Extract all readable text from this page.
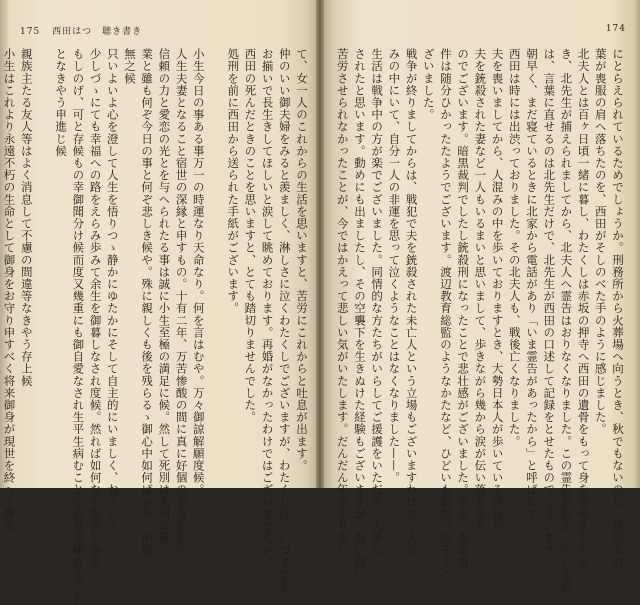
175 西田はつ　聴き書き
て、女一人のこれからの生活を思いますと、苦労にこれからと吐息が出ます。
仲のいい御夫婦をみると羨ましく、淋しさに泣くわたくしでございますが、わたくしは、いつまでも
お揃いで長生きしてほしいと涙して眺めております。再婚がなかったわけではございませんが、
西田の死んだときのことを思いますと、とても踏切りませんでした。
処刑を前に西田から送られた手紙がございます。

小生今日の事ある事万一の時運なり天命なり。何を言はむや。万々御諒解願度候。
人生夫妻となること宿世の深縁と申すもの。十有二年、万苦惨酸の間に真に好個の半身として
信頼の力と愛恋の光とを与へられたる事は誠に小生至極の満足に候。然して死別は人間の常
業と雖も何ぞ今日の事と何ぞ悲しき候や。殊に親しくも後を残らるゝ御心中如何ばかり、申訳
無之候
只いよいよ心を澄して人生を悟りつゝ静かにゆたかにそして自主的にいましく、おゝしく
少しづゝにても幸福への路をえらみ歩みて余生を御暮しなされ度候。然れば如何ならむ苦しみを
もしのげ、可と存候もの幸御聞分け候而度又幾重にも御自愛なされ生平生病むことに心身を痛むること
となきやう申進じ候

親族主たる友人等はよく消息して不慮の間違等なきやう存上候
小生はこれより永遠不朽の生命として御身をお守り申すべく将来御身が現世を終へて御出
174
にとらえられているためでしょうか。刑務所から火葬場へ向うとき、秋でもないのに一枚の木の
葉が喪服の肩へ落ちたのを、西田がそしのべた手のように感じました。
北夫人とは百ヶ日頃一緒に暮し、わたくしは赤坂の押寺へ西田の遺骨をもって身を寄せましたと
き、北先生が捕えられましてから、北夫人へ霊告はおりなくなりました。この霊告がわかっているの
は、言葉に直せるのは北先生だけで、北先生が西田の口述して記録をとせたものでございます。
朝早く、まだ寝ているときに北家から電話があり「いま霊告があったから」と呼ばれて、
西田は時には出渋っておりました。その北夫人も、戦後亡くなりました。
夫を喪いましてから、人混みの中を歩いておりますとき、大勢日本人が歩いているけれど、
夫を銃殺された妻など一人もいるまいと思いまして、歩きながら幾から涙が伝い落ちたも
のでございます。暗黒裁判でしたし銃殺刑になったことで悲壮感がございました。でも、あの事
件は随分ひかったたようでございます。渡辺教育総監のようなかたなど、ひどいものだったそうご
ざいました。
戦争が終りましてからは、戦犯で夫を銃殺された未亡人という立場もございますわけで、人ご
みの中にいて、自分一人の非運を思って泣くようなことはなくなりました——。
生活は戦争中の方が楽でございました。同情的な方たちがいらしてご援護をいただき、大事に
されたと思います。動めにも出ましたし、その空襲下を生きぬけた経験もございますが、若い間に
苦労させられなかったことが、今ではかえって悲しい気がいたします。だんだん年をとりまし
